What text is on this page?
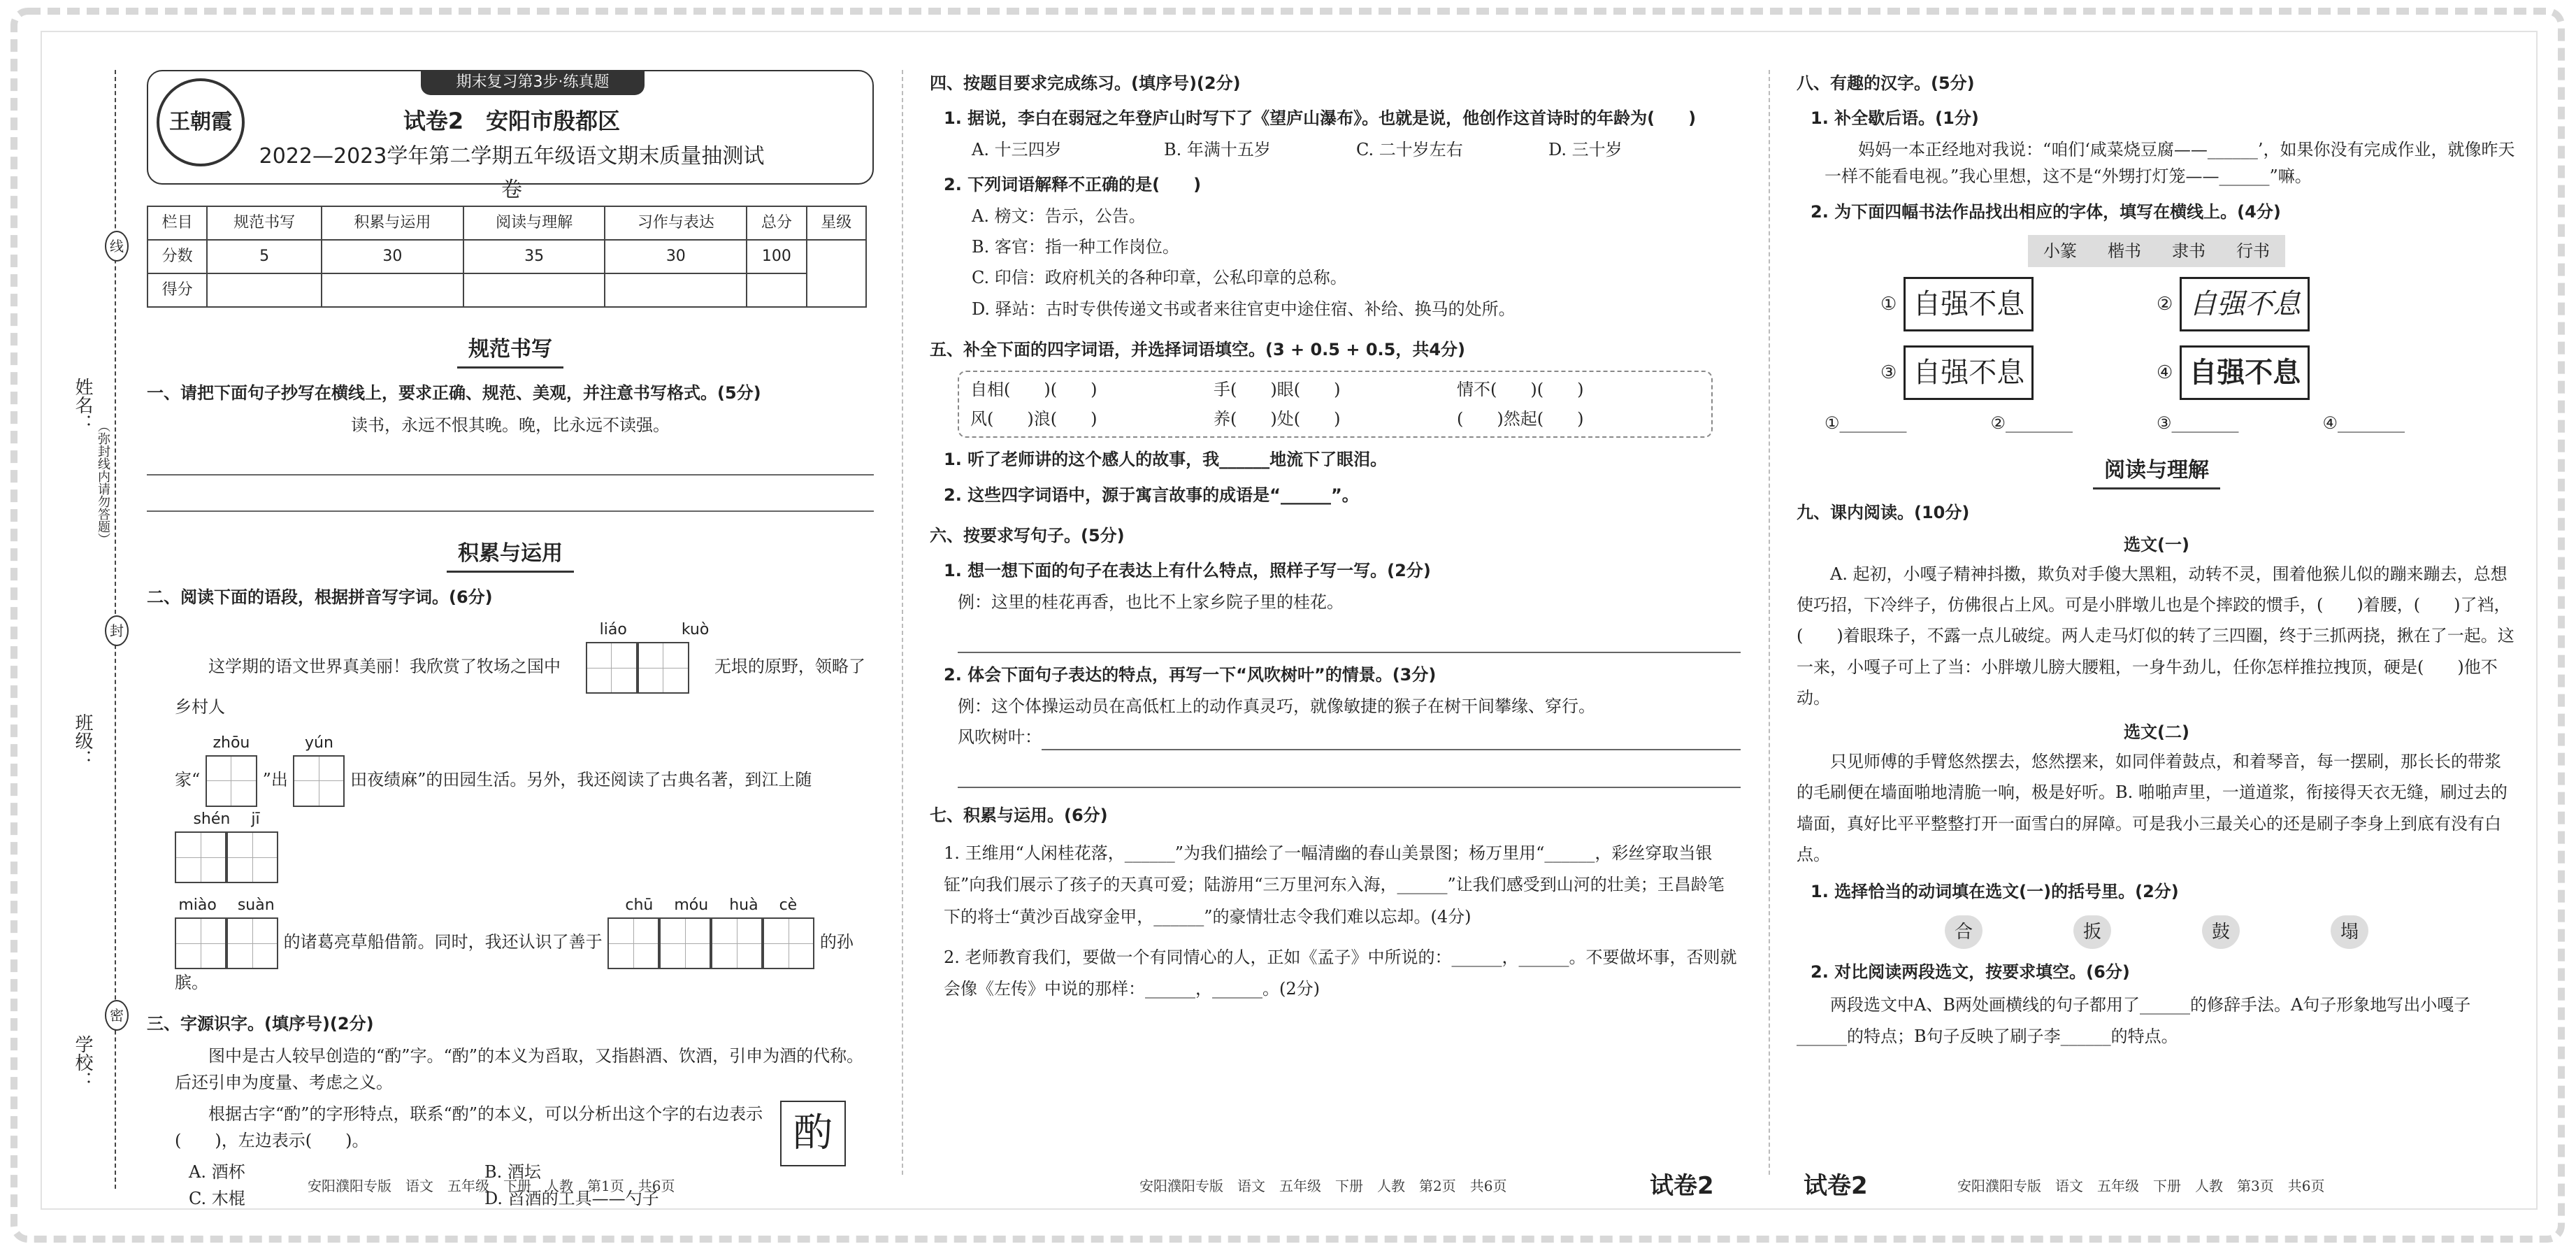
姓名：
班级：
学校：
（弥封线内请勿答题）
线
封
密
王朝霞
期末复习第3步·练真题
试卷2　安阳市殷都区
2022—2023学年第二学期五年级语文期末质量抽测试卷
栏目	规范书写	积累与运用	阅读与理解	习作与表达	总分	星级
分数	5	30	35	30	100	
得分						
规范书写
一、请把下面句子抄写在横线上，要求正确、规范、美观，并注意书写格式。(5分)
读书，永远不恨其晚。晚，比永远不读强。
积累与运用
二、阅读下面的语段，根据拼音写字词。(6分)
这学期的语文世界真美丽！我欣赏了牧场之国中
liáo	kuò
无垠的原野，领略了乡村人
家“ zhōu

”出 yún

田夜绩麻”的田园生活。另外，我还阅读了古典名著，到江上随
shén jī
miào suàn
的诸葛亮草船借箭。同时，我还认识了善于
chū móu huà cè
的孙膑。
三、字源识字。(填序号)(2分)
图中是古人较早创造的“酌”字。“酌”的本义为舀取，又指斟酒、饮酒，引申为酒的代称。后还引申为度量、考虑之义。
酌
根据古字“酌”的字形特点，联系“酌”的本义，可以分析出这个字的右边表示(　　)，左边表示(　　)。
A. 酒杯	B. 酒坛
C. 木棍	D. 舀酒的工具——勺子
安阳濮阳专版　语文　五年级　下册　人教　第1页　共6页
四、按题目要求完成练习。(填序号)(2分)
1. 据说，李白在弱冠之年登庐山时写下了《望庐山瀑布》。也就是说，他创作这首诗时的年龄为(　　)
A. 十三四岁	B. 年满十五岁	C. 二十岁左右	D. 三十岁
2. 下列词语解释不正确的是(　　)
A. 榜文：告示，公告。
B. 客官：指一种工作岗位。
C. 印信：政府机关的各种印章，公私印章的总称。
D. 驿站：古时专供传递文书或者来往官吏中途住宿、补给、换马的处所。
五、补全下面的四字词语，并选择词语填空。(3 + 0.5 + 0.5，共4分)
自相(　　)(　　)	手(　　)眼(　　)	情不(　　)(　　)
风(　　)浪(　　)	养(　　)处(　　)	(　　)然起(　　)
1. 听了老师讲的这个感人的故事，我______地流下了眼泪。
2. 这些四字词语中，源于寓言故事的成语是“______”。
六、按要求写句子。(5分)
1. 想一想下面的句子在表达上有什么特点，照样子写一写。(2分)
例：这里的桂花再香，也比不上家乡院子里的桂花。
2. 体会下面句子表达的特点，再写一下“风吹树叶”的情景。(3分)
例：这个体操运动员在高低杠上的动作真灵巧，就像敏捷的猴子在树干间攀缘、穿行。
风吹树叶：
七、积累与运用。(6分)
1. 王维用“人闲桂花落，______”为我们描绘了一幅清幽的春山美景图；杨万里用“______，彩丝穿取当银钲”向我们展示了孩子的天真可爱；陆游用“三万里河东入海，______”让我们感受到山河的壮美；王昌龄笔下的将士“黄沙百战穿金甲，______”的豪情壮志令我们难以忘却。(4分)
2. 老师教育我们，要做一个有同情心的人，正如《孟子》中所说的：______，______。不要做坏事，否则就会像《左传》中说的那样：______，______。(2分)
安阳濮阳专版　语文　五年级　下册　人教　第2页　共6页	试卷2
八、有趣的汉字。(5分)
1. 补全歇后语。(1分)
妈妈一本正经地对我说：“咱们‘咸菜烧豆腐——______’，如果你没有完成作业，就像昨天一样不能看电视。”我心里想，这不是“外甥打灯笼——______”嘛。
2. 为下面四幅书法作品找出相应的字体，填写在横线上。(4分)
小篆	楷书	隶书	行书
① 自强不息	② 自强不息
③ 自强不息	④ 自强不息
①________	②________	③________	④________
阅读与理解
九、课内阅读。(10分)
选文(一)
A. 起初，小嘎子精神抖擞，欺负对手傻大黑粗，动转不灵，围着他猴儿似的蹦来蹦去，总想使巧招，下冷绊子，仿佛很占上风。可是小胖墩儿也是个摔跤的惯手，(　　)着腰，(　　)了裆，(　　)着眼珠子，不露一点儿破绽。两人走马灯似的转了三四圈，终于三抓两挠，揪在了一起。这一来，小嘎子可上了当：小胖墩儿膀大腰粗，一身牛劲儿，任你怎样推拉拽顶，硬是(　　)他不动。
选文(二)
只见师傅的手臂悠然摆去，悠然摆来，如同伴着鼓点，和着琴音，每一摆刷，那长长的带浆的毛刷便在墙面啪地清脆一响，极是好听。B. 啪啪声里，一道道浆，衔接得天衣无缝，刷过去的墙面，真好比平平整整打开一面雪白的屏障。可是我小三最关心的还是刷子李身上到底有没有白点。
1. 选择恰当的动词填在选文(一)的括号里。(2分)
合	扳	鼓	塌
2. 对比阅读两段选文，按要求填空。(6分)
两段选文中A、B两处画横线的句子都用了______的修辞手法。A句子形象地写出小嘎子______的特点；B句子反映了刷子李______的特点。
试卷2	安阳濮阳专版　语文　五年级　下册　人教　第3页　共6页
